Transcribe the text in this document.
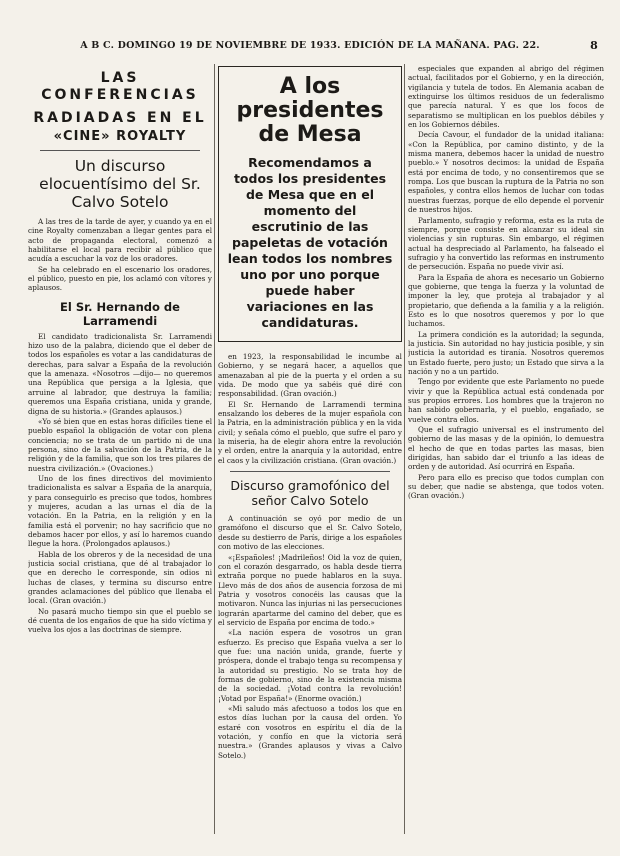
A B C. DOMINGO 19 DE NOVIEMBRE DE 1933. EDICIÓN DE LA MAÑANA. PAG. 22.	8
LAS CONFERENCIAS
RADIADAS EN EL
«CINE» ROYALTY
Un discurso elocuentísimo del Sr. Calvo Sotelo

A las tres de la tarde de ayer, y cuando ya en el cine Royalty comenzaban a llegar gentes para el acto de propaganda electoral, comenzó a habilitarse el local para recibir al público que acudía a escuchar la voz de los oradores.

Se ha celebrado en el escenario los oradores, el público, puesto en pie, los aclamó con vítores y aplausos.

El Sr. Hernando de Larramendi

El candidato tradicionalista Sr. Larramendi hizo uso de la palabra, diciendo que el deber de todos los españoles es votar a las candidaturas de derechas, para salvar a España de la revolución que la amenaza. «Nosotros —dijo— no queremos una República que persiga a la Iglesia, que arruine al labrador, que destruya la familia; queremos una España cristiana, unida y grande, digna de su historia.» (Grandes aplausos.)

«Yo sé bien que en estas horas difíciles tiene el pueblo español la obligación de votar con plena conciencia; no se trata de un partido ni de una persona, sino de la salvación de la Patria, de la religión y de la familia, que son los tres pilares de nuestra civilización.» (Ovaciones.)

Uno de los fines directivos del movimiento tradicionalista es salvar a España de la anarquía, y para conseguirlo es preciso que todos, hombres y mujeres, acudan a las urnas el día de la votación. En la Patria, en la religión y en la familia está el porvenir; no hay sacrificio que no debamos hacer por ellos, y así lo haremos cuando llegue la hora. (Prolongados aplausos.)

Habla de los obreros y de la necesidad de una justicia social cristiana, que dé al trabajador lo que en derecho le corresponde, sin odios ni luchas de clases, y termina su discurso entre grandes aclamaciones del público que llenaba el local. (Gran ovación.)

No pasará mucho tiempo sin que el pueblo se dé cuenta de los engaños de que ha sido víctima y vuelva los ojos a las doctrinas de siempre.

A los presidentes de Mesa
Recomendamos a todos los presidentes de Mesa que en el momento del escrutinio de las papeletas de votación lean todos los nombres uno por uno porque puede haber variaciones en las candidaturas.

en 1923, la responsabilidad le incumbe al Gobierno, y se negará hacer, a aquellos que amenazaban al pie de la puerta y el orden a su vida. De modo que ya sabéis qué diré con responsabilidad. (Gran ovación.)

El Sr. Hernando de Larramendi termina ensalzando los deberes de la mujer española con la Patria, en la administración pública y en la vida civil; y señala cómo el pueblo, que sufre el paro y la miseria, ha de elegir ahora entre la revolución y el orden, entre la anarquía y la autoridad, entre el caos y la civilización cristiana. (Gran ovación.)

Discurso gramofónico del señor Calvo Sotelo

A continuación se oyó por medio de un gramófono el discurso que el Sr. Calvo Sotelo, desde su destierro de París, dirige a los españoles con motivo de las elecciones.

«¡Españoles! ¡Madrileños! Oid la voz de quien, con el corazón desgarrado, os habla desde tierra extraña porque no puede hablaros en la suya. Llevo más de dos años de ausencia forzosa de mi Patria y vosotros conocéis las causas que la motivaron. Nunca las injurias ni las persecuciones lograrán apartarme del camino del deber, que es el servicio de España por encima de todo.»

«La nación espera de vosotros un gran esfuerzo. Es preciso que España vuelva a ser lo que fue: una nación unida, grande, fuerte y próspera, donde el trabajo tenga su recompensa y la autoridad su prestigio. No se trata hoy de formas de gobierno, sino de la existencia misma de la sociedad. ¡Votad contra la revolución! ¡Votad por España!» (Enorme ovación.)

«Mi saludo más afectuoso a todos los que en estos días luchan por la causa del orden. Yo estaré con vosotros en espíritu el día de la votación, y confío en que la victoria será nuestra.» (Grandes aplausos y vivas a Calvo Sotelo.)

especiales que expanden al abrigo del régimen actual, facilitados por el Gobierno, y en la dirección, vigilancia y tutela de todos. En Alemania acaban de extinguirse los últimos residuos de un federalismo que parecía natural. Y es que los focos de separatismo se multiplican en los pueblos débiles y en los Gobiernos débiles.

Decía Cavour, el fundador de la unidad italiana: «Con la República, por camino distinto, y de la misma manera, debemos hacer la unidad de nuestro pueblo.» Y nosotros decimos: la unidad de España está por encima de todo, y no consentiremos que se rompa. Los que buscan la ruptura de la Patria no son españoles, y contra ellos hemos de luchar con todas nuestras fuerzas, porque de ello depende el porvenir de nuestros hijos.

Parlamento, sufragio y reforma, esta es la ruta de siempre, porque consiste en alcanzar su ideal sin violencias y sin rupturas. Sin embargo, el régimen actual ha despreciado al Parlamento, ha falseado el sufragio y ha convertido las reformas en instrumento de persecución. España no puede vivir así.

Para la España de ahora es necesario un Gobierno que gobierne, que tenga la fuerza y la voluntad de imponer la ley, que proteja al trabajador y al propietario, que defienda a la familia y a la religión. Esto es lo que nosotros queremos y por lo que luchamos.

La primera condición es la autoridad; la segunda, la justicia. Sin autoridad no hay justicia posible, y sin justicia la autoridad es tiranía. Nosotros queremos un Estado fuerte, pero justo; un Estado que sirva a la nación y no a un partido.

Tengo por evidente que este Parlamento no puede vivir y que la República actual está condenada por sus propios errores. Los hombres que la trajeron no han sabido gobernarla, y el pueblo, engañado, se vuelve contra ellos.

Que el sufragio universal es el instrumento del gobierno de las masas y de la opinión, lo demuestra el hecho de que en todas partes las masas, bien dirigidas, han sabido dar el triunfo a las ideas de orden y de autoridad. Así ocurrirá en España.

Pero para ello es preciso que todos cumplan con su deber, que nadie se abstenga, que todos voten. (Gran ovación.)
